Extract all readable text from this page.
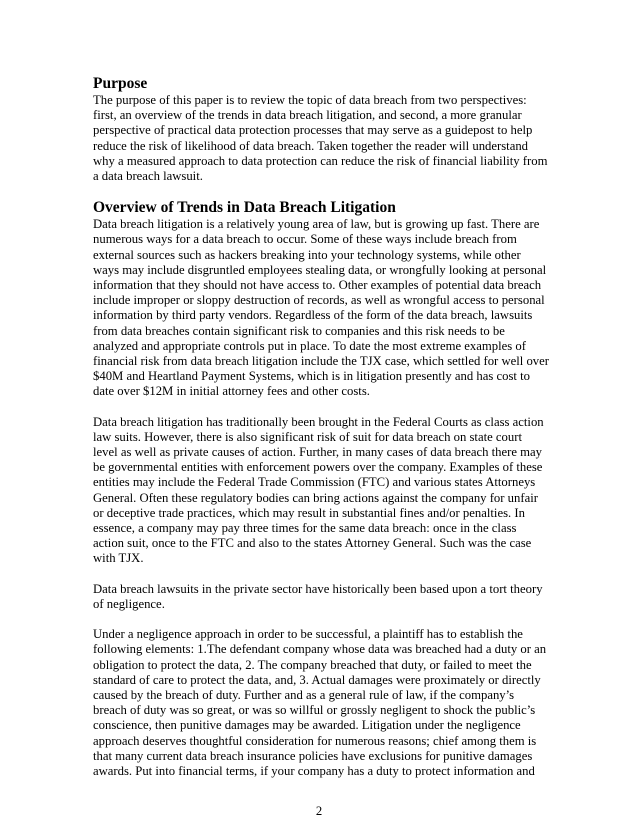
Purpose
The purpose of this paper is to review the topic of data breach from two perspectives:
first, an overview of the trends in data breach litigation, and second, a more granular
perspective of practical data protection processes that may serve as a guidepost to help
reduce the risk of likelihood of data breach. Taken together the reader will understand
why a measured approach to data protection can reduce the risk of financial liability from
a data breach lawsuit.
Overview of Trends in Data Breach Litigation
Data breach litigation is a relatively young area of law, but is growing up fast. There are
numerous ways for a data breach to occur. Some of these ways include breach from
external sources such as hackers breaking into your technology systems, while other
ways may include disgruntled employees stealing data, or wrongfully looking at personal
information that they should not have access to. Other examples of potential data breach
include improper or sloppy destruction of records, as well as wrongful access to personal
information by third party vendors. Regardless of the form of the data breach, lawsuits
from data breaches contain significant risk to companies and this risk needs to be
analyzed and appropriate controls put in place. To date the most extreme examples of
financial risk from data breach litigation include the TJX case, which settled for well over
$40M and Heartland Payment Systems, which is in litigation presently and has cost to
date over $12M in initial attorney fees and other costs.
Data breach litigation has traditionally been brought in the Federal Courts as class action
law suits. However, there is also significant risk of suit for data breach on state court
level as well as private causes of action. Further, in many cases of data breach there may
be governmental entities with enforcement powers over the company. Examples of these
entities may include the Federal Trade Commission (FTC) and various states Attorneys
General. Often these regulatory bodies can bring actions against the company for unfair
or deceptive trade practices, which may result in substantial fines and/or penalties. In
essence, a company may pay three times for the same data breach: once in the class
action suit, once to the FTC and also to the states Attorney General. Such was the case
with TJX.
Data breach lawsuits in the private sector have historically been based upon a tort theory
of negligence.
Under a negligence approach in order to be successful, a plaintiff has to establish the
following elements: 1.The defendant company whose data was breached had a duty or an
obligation to protect the data, 2. The company breached that duty, or failed to meet the
standard of care to protect the data, and, 3. Actual damages were proximately or directly
caused by the breach of duty. Further and as a general rule of law, if the company’s
breach of duty was so great, or was so willful or grossly negligent to shock the public’s
conscience, then punitive damages may be awarded. Litigation under the negligence
approach deserves thoughtful consideration for numerous reasons; chief among them is
that many current data breach insurance policies have exclusions for punitive damages
awards. Put into financial terms, if your company has a duty to protect information and
2
